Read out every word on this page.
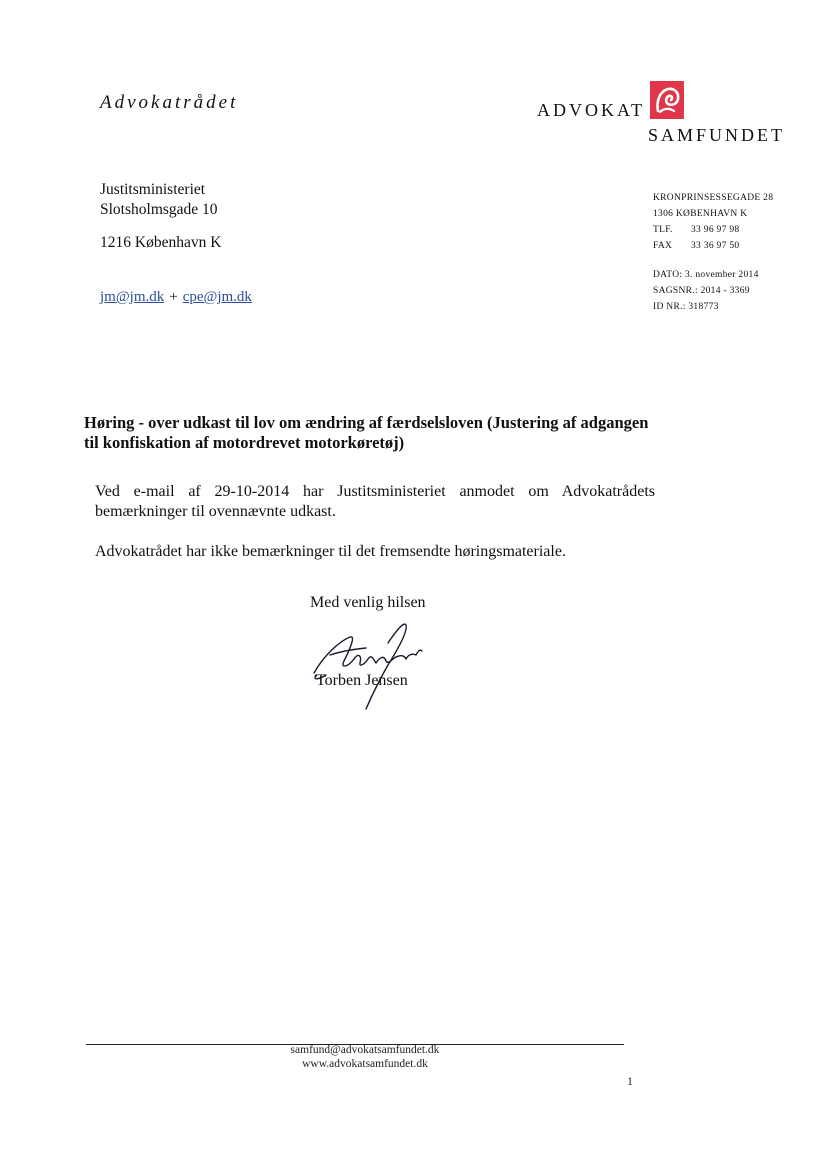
Advokatrådet	ADVOKAT
SAMFUNDET
Justitsministeriet
Slotsholmsgade 10
1216 København K
jm@jm.dk + cpe@jm.dk
KRONPRINSESSEGADE 28
1306 KØBENHAVN K
TLF. 33 96 97 98
FAX 33 36 97 50
DATO: 3. november 2014
SAGSNR.: 2014 - 3369
ID NR.: 318773
Høring - over udkast til lov om ændring af færdselsloven (Justering af adgangen til konfiskation af motordrevet motorkøretøj)
Ved e-mail af 29-10-2014 har Justitsministeriet anmodet om Advokatrådets bemærkninger til ovennævnte udkast.
Advokatrådet har ikke bemærkninger til det fremsendte høringsmateriale.
Med venlig hilsen
Torben Jensen
samfund@advokatsamfundet.dk
www.advokatsamfundet.dk
1
